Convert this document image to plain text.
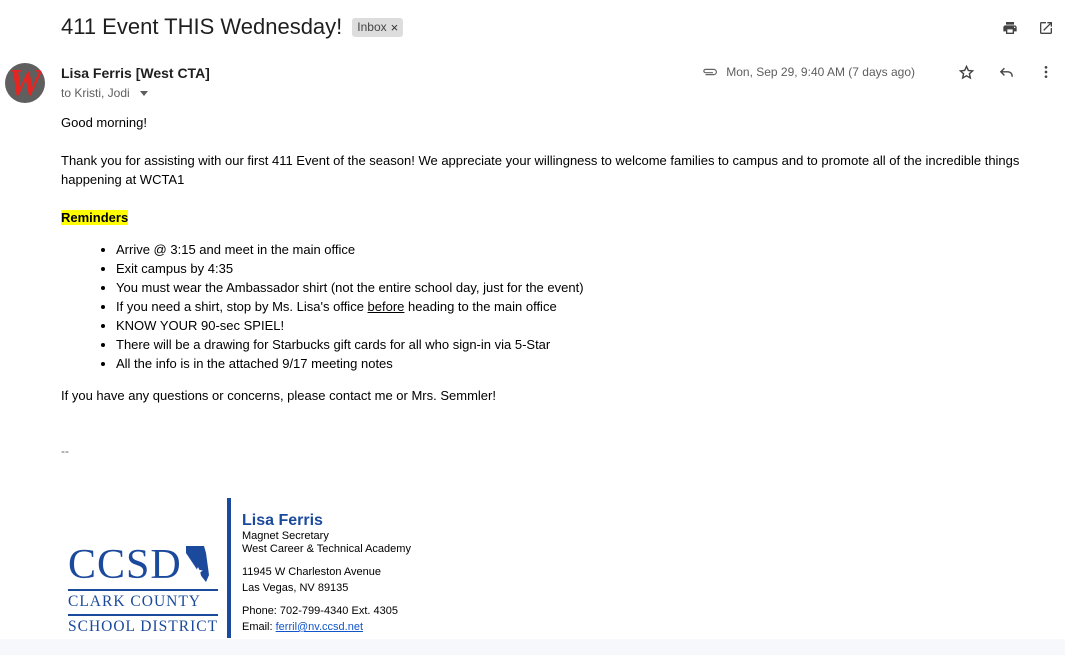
411 Event THIS Wednesday! Inbox ×
W Lisa Ferris [West CTA]
to Kristi, Jodi
Mon, Sep 29, 9:40 AM (7 days ago)

Good morning!

Thank you for assisting with our first 411 Event of the season! We appreciate your willingness to welcome families to campus and to promote all of the incredible things happening at WCTA1

Reminders

• Arrive @ 3:15 and meet in the main office
• Exit campus by 4:35
• You must wear the Ambassador shirt (not the entire school day, just for the event)
• If you need a shirt, stop by Ms. Lisa's office before heading to the main office
• KNOW YOUR 90-sec SPIEL!
• There will be a drawing for Starbucks gift cards for all who sign-in via 5-Star
• All the info is in the attached 9/17 meeting notes

If you have any questions or concerns, please contact me or Mrs. Semmler!

--
CCSD
CLARK COUNTY
SCHOOL DISTRICT
Lisa Ferris
Magnet Secretary
West Career & Technical Academy
11945 W Charleston Avenue
Las Vegas, NV 89135
Phone: 702-799-4340 Ext. 4305
Email: ferril@nv.ccsd.net
